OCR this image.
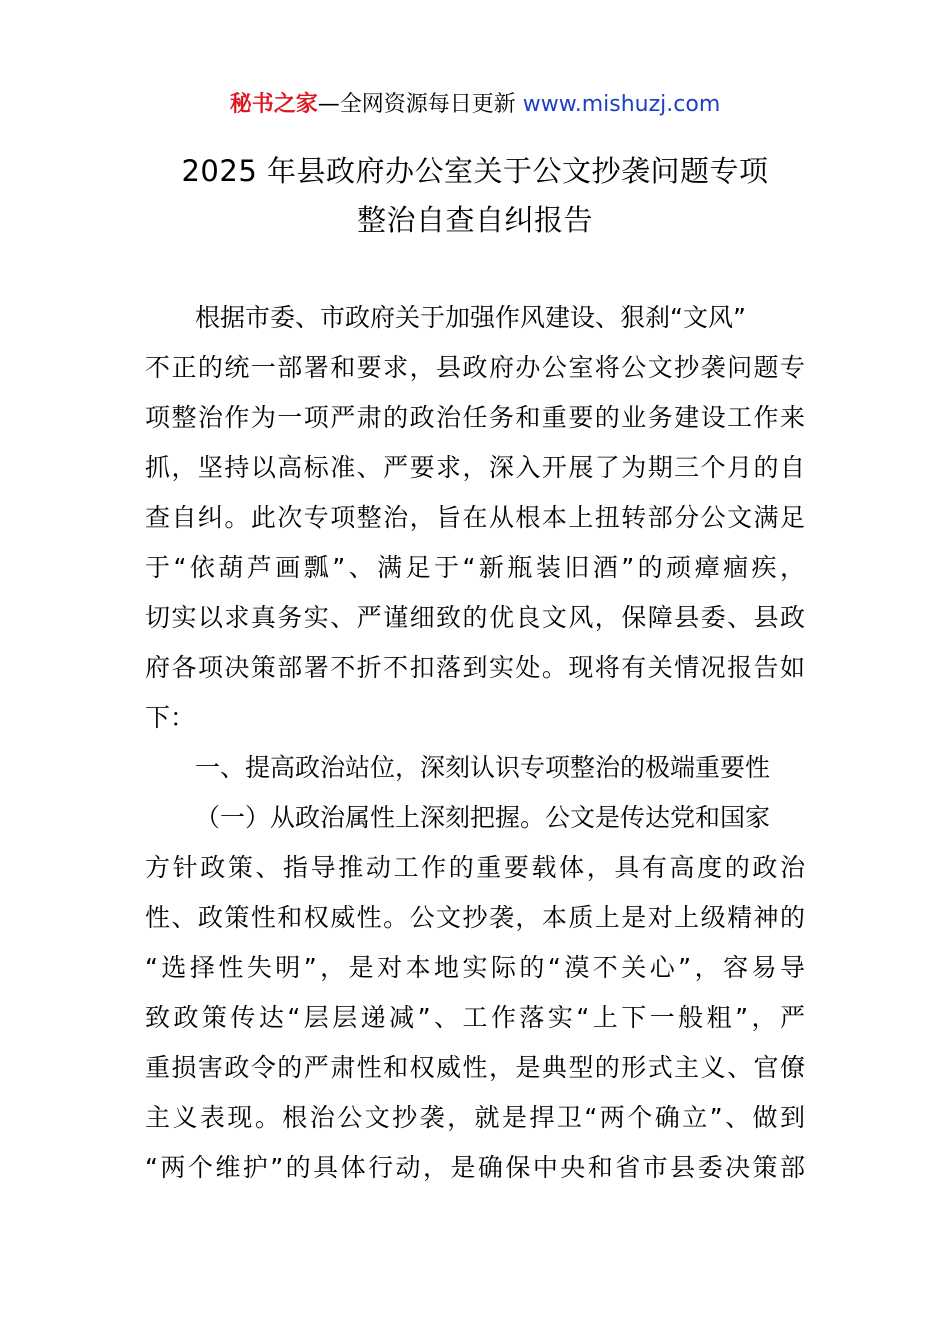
秘书之家—全网资源每日更新 www.mishuzj.com
2025 年县政府办公室关于公文抄袭问题专项
整治自查自纠报告
根据市委、市政府关于加强作风建设、狠刹“文风”
不正的统一部署和要求，县政府办公室将公文抄袭问题专
项整治作为一项严肃的政治任务和重要的业务建设工作来
抓，坚持以高标准、严要求，深入开展了为期三个月的自
查自纠。此次专项整治，旨在从根本上扭转部分公文满足
于“依葫芦画瓢”、满足于“新瓶装旧酒”的顽瘴痼疾，
切实以求真务实、严谨细致的优良文风，保障县委、县政
府各项决策部署不折不扣落到实处。现将有关情况报告如
下：
一、提高政治站位，深刻认识专项整治的极端重要性
（一）从政治属性上深刻把握。公文是传达党和国家
方针政策、指导推动工作的重要载体，具有高度的政治
性、政策性和权威性。公文抄袭，本质上是对上级精神的
“选择性失明”，是对本地实际的“漠不关心”，容易导
致政策传达“层层递减”、工作落实“上下一般粗”，严
重损害政令的严肃性和权威性，是典型的形式主义、官僚
主义表现。根治公文抄袭，就是捍卫“两个确立”、做到
“两个维护”的具体行动，是确保中央和省市县委决策部
